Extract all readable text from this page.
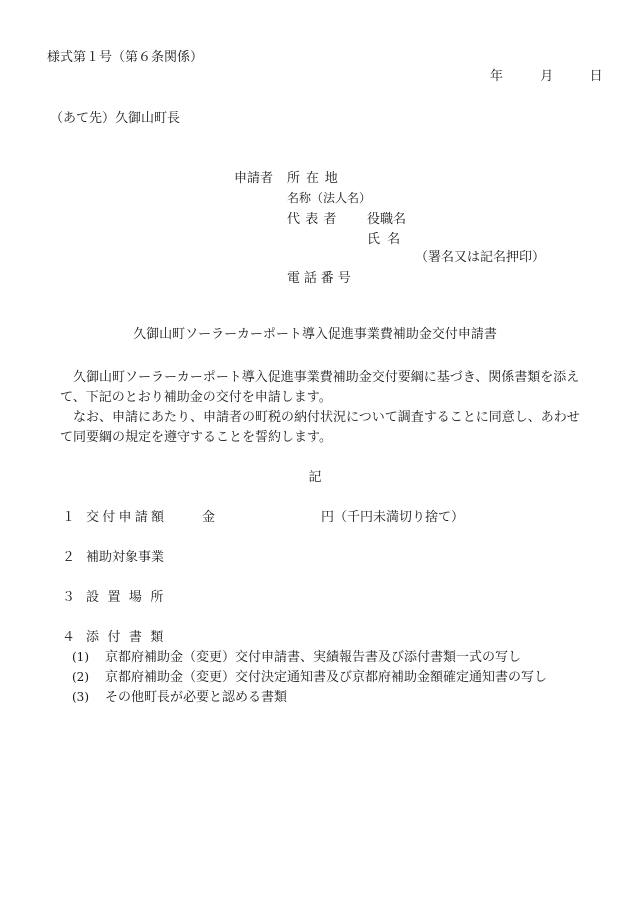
様式第１号（第６条関係）
年	月	日
（あて先）久御山町長
申請者 所在地
名称（法人名）
代表者 役職名
氏名
（署名又は記名押印）
電話番号
久御山町ソーラーカーポート導入促進事業費補助金交付申請書

久御山町ソーラーカーポート導入促進事業費補助金交付要綱に基づき、関係書類を添えて、下記のとおり補助金の交付を申請します。

なお、申請にあたり、申請者の町税の納付状況について調査することに同意し、あわせて同要綱の規定を遵守することを誓約します。

記
１ 交付申請額	金	円（千円未満切り捨て）
２ 補助対象事業
３ 設置場所
４ 添付書類
(1) 京都府補助金（変更）交付申請書、実績報告書及び添付書類一式の写し
(2) 京都府補助金（変更）交付決定通知書及び京都府補助金額確定通知書の写し
(3) その他町長が必要と認める書類
